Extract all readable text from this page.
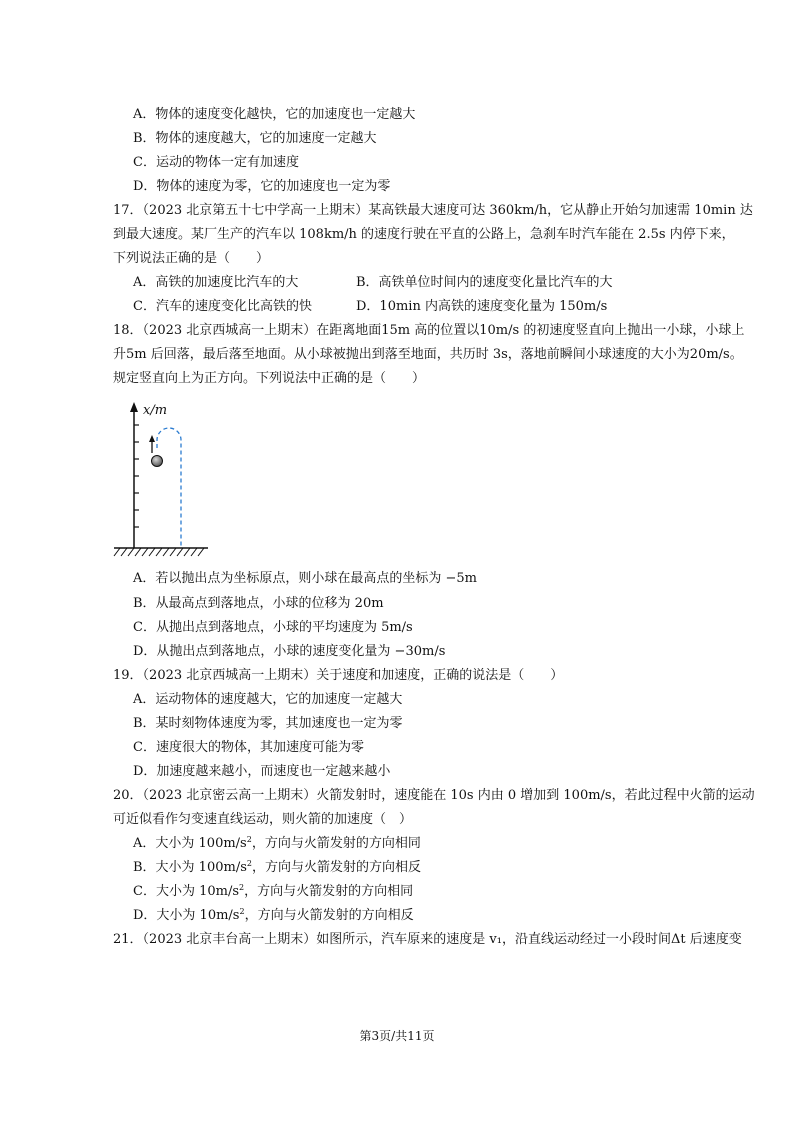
A．物体的速度变化越快，它的加速度也一定越大
B．物体的速度越大，它的加速度一定越大
C．运动的物体一定有加速度
D．物体的速度为零，它的加速度也一定为零
17．（2023 北京第五十七中学高一上期末）某高铁最大速度可达 360km/h，它从静止开始匀加速需 10min 达
到最大速度。某厂生产的汽车以 108km/h 的速度行驶在平直的公路上，急刹车时汽车能在 2.5s 内停下来，
下列说法正确的是（　　）
A．高铁的加速度比汽车的大	B．高铁单位时间内的速度变化量比汽车的大
C．汽车的速度变化比高铁的快	D．10min 内高铁的速度变化量为 150m/s
18．（2023 北京西城高一上期末）在距离地面15m 高的位置以10m/s 的初速度竖直向上抛出一小球，小球上
升5m 后回落，最后落至地面。从小球被抛出到落至地面，共历时 3s，落地前瞬间小球速度的大小为20m/s。
规定竖直向上为正方向。下列说法中正确的是（　　）
x/m
A．若以抛出点为坐标原点，则小球在最高点的坐标为 −5m
B．从最高点到落地点，小球的位移为 20m
C．从抛出点到落地点，小球的平均速度为 5m/s
D．从抛出点到落地点，小球的速度变化量为 −30m/s
19．（2023 北京西城高一上期末）关于速度和加速度，正确的说法是（　　）
A．运动物体的速度越大，它的加速度一定越大
B．某时刻物体速度为零，其加速度也一定为零
C．速度很大的物体，其加速度可能为零
D．加速度越来越小，而速度也一定越来越小
20．（2023 北京密云高一上期末）火箭发射时，速度能在 10s 内由 0 增加到 100m/s，若此过程中火箭的运动
可近似看作匀变速直线运动，则火箭的加速度（　）
A．大小为 $100m/s^2$，方向与火箭发射的方向相同
B．大小为 $100m/s^2$，方向与火箭发射的方向相反
C．大小为 $10m/s^2$，方向与火箭发射的方向相同
D．大小为 $10m/s^2$，方向与火箭发射的方向相反
21．（2023 北京丰台高一上期末）如图所示，汽车原来的速度是 v₁，沿直线运动经过一小段时间Δt 后速度变
第3页/共11页
